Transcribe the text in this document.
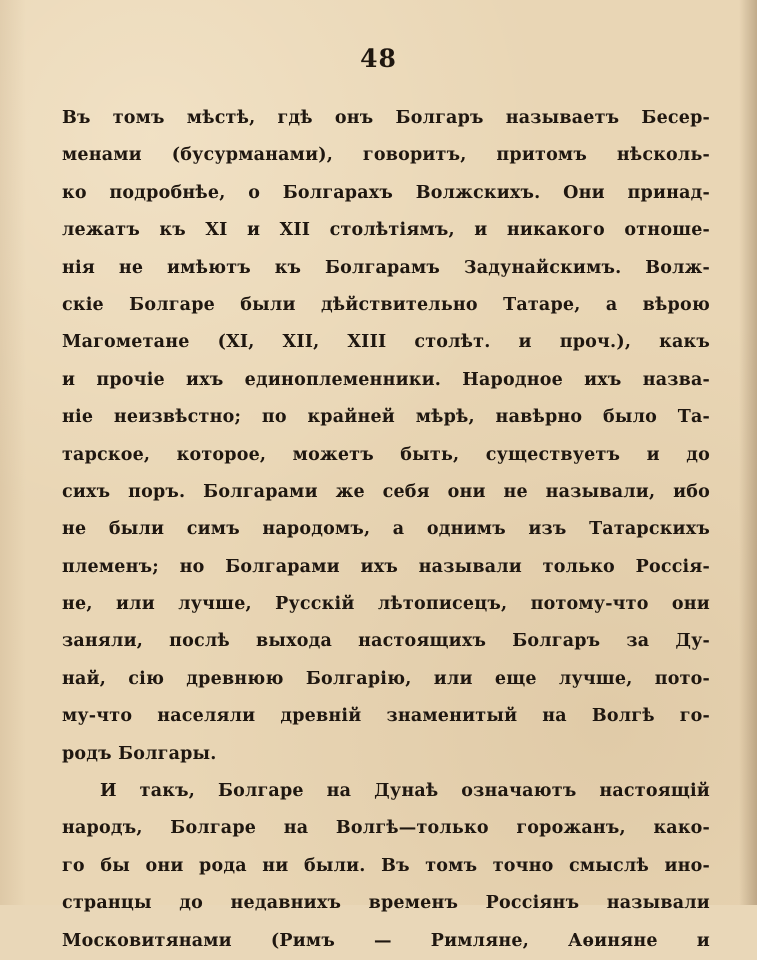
48
Въ томъ мѣстѣ, гдѣ онъ Болгаръ называетъ Бесер-
менами (бусурманами), говоритъ, притомъ нѣсколь-
ко подробнѣе, о Болгарахъ Волжскихъ. Они принад-
лежатъ къ XI и XII столѣтіямъ, и никакого отноше-
нія не имѣютъ къ Болгарамъ Задунайскимъ. Волж-
скіе Болгаре были дѣйствительно Татаре, а вѣрою
Магометане (XI, XII, XIII столѣт. и проч.), какъ
и прочіе ихъ единоплеменники. Народное ихъ назва-
ніе неизвѣстно; по крайней мѣрѣ, навѣрно было Та-
тарское, которое, можетъ быть, существуетъ и до
сихъ поръ. Болгарами же себя они не называли, ибо
не были симъ народомъ, а однимъ изъ Татарскихъ
племенъ; но Болгарами ихъ называли только Россія-
не, или лучше, Русскій лѣтописецъ, потому-что они
заняли, послѣ выхода настоящихъ Болгаръ за Ду-
най, сію древнюю Болгарію, или еще лучше, пото-
му-что населяли древній знаменитый на Волгѣ го-
родъ Болгары.
И такъ, Болгаре на Дунаѣ означаютъ настоящій
народъ, Болгаре на Волгѣ—только горожанъ, како-
го бы они рода ни были. Въ томъ точно смыслѣ ино-
странцы до недавнихъ временъ Россіянъ называли
Московитянами (Римъ — Римляне, Аѳиняне и
